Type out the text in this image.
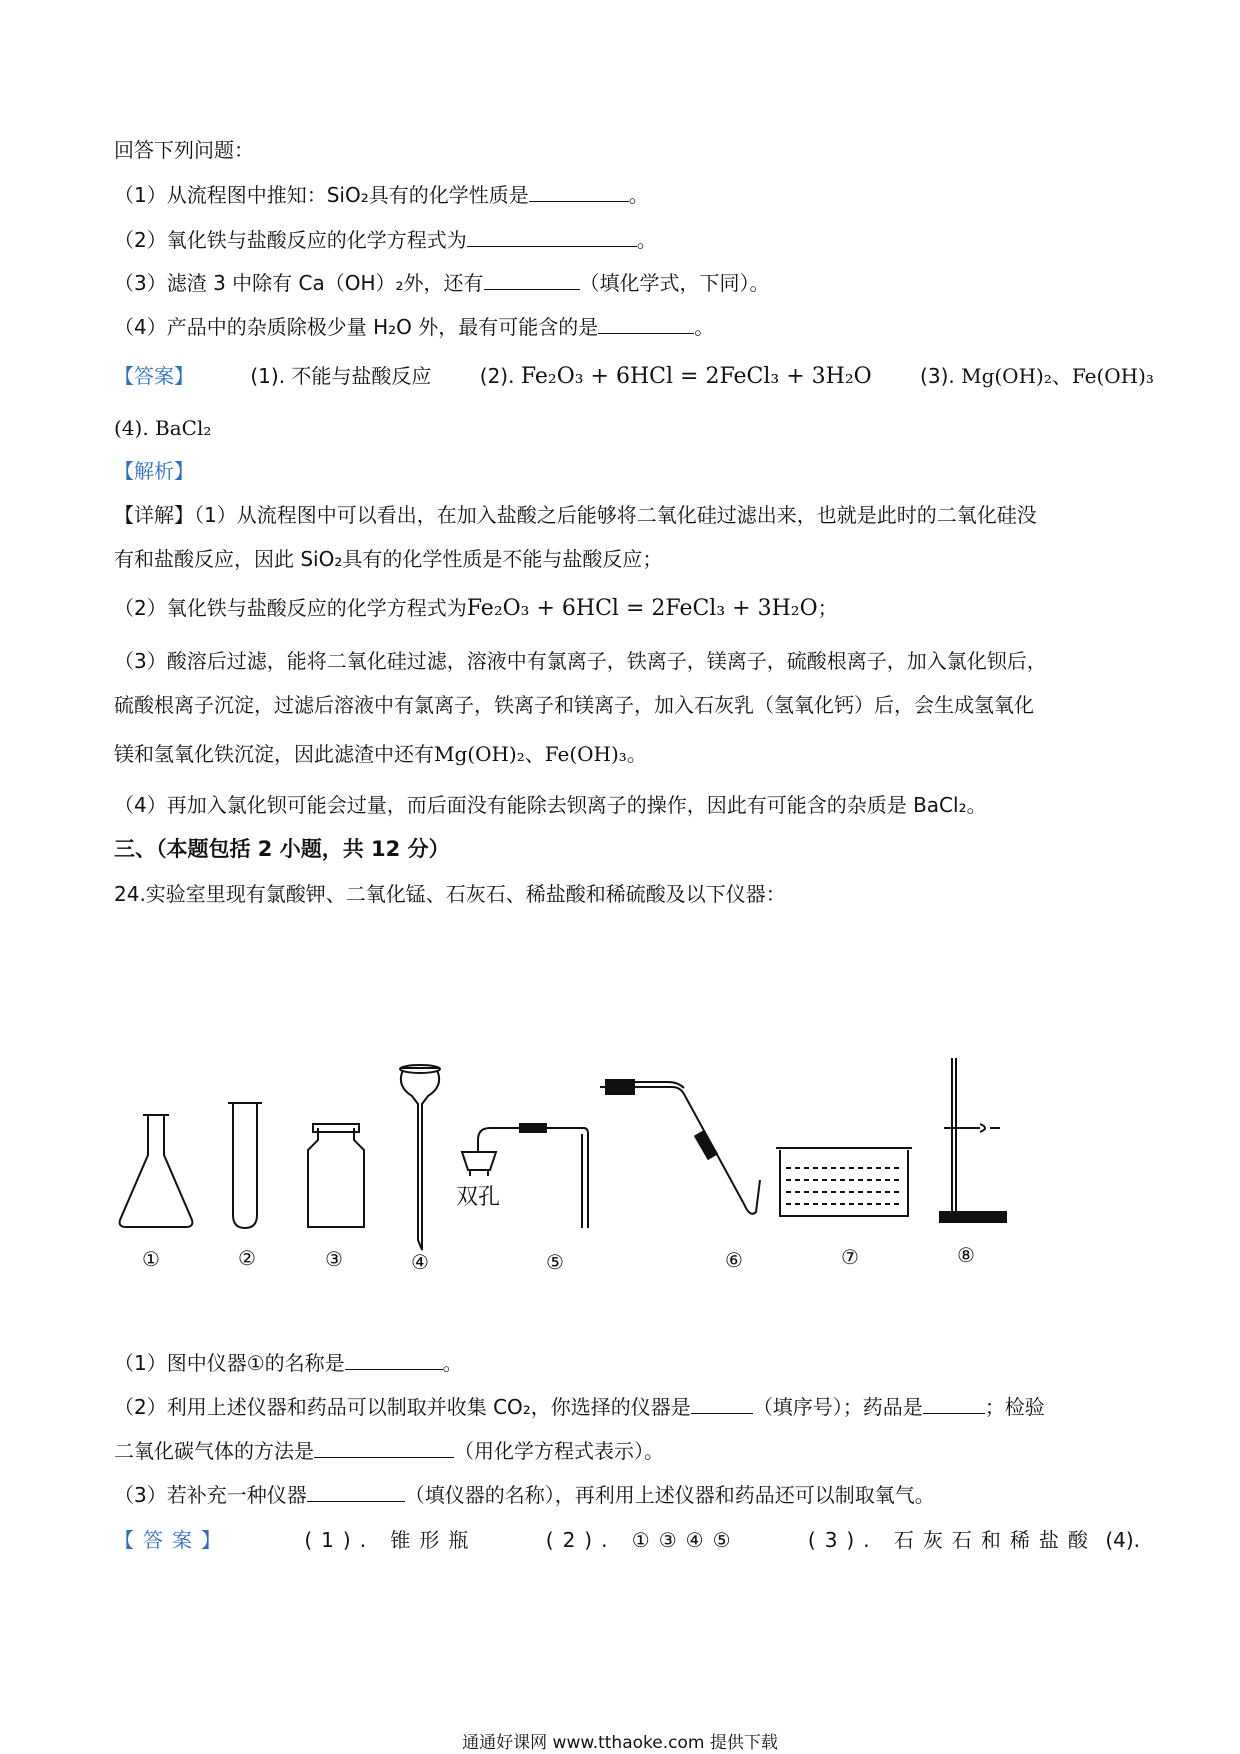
回答下列问题：
（1）从流程图中推知：SiO₂具有的化学性质是	。
（2）氧化铁与盐酸反应的化学方程式为	。
（3）滤渣 3 中除有 Ca（OH）₂外，还有	（填化学式，下同）。
（4）产品中的杂质除极少量 H₂O 外，最有可能含的是	。
【答案】	(1). 不能与盐酸反应 (2). Fe₂O₃ + 6HCl = 2FeCl₃ + 3H₂O (3). Mg(OH)₂、Fe(OH)₃
(4). BaCl₂
【解析】
【详解】（1）从流程图中可以看出，在加入盐酸之后能够将二氧化硅过滤出来，也就是此时的二氧化硅没
有和盐酸反应，因此 SiO₂具有的化学性质是不能与盐酸反应；
（2）氧化铁与盐酸反应的化学方程式为Fe₂O₃ + 6HCl = 2FeCl₃ + 3H₂O；
（3）酸溶后过滤，能将二氧化硅过滤，溶液中有氯离子，铁离子，镁离子，硫酸根离子，加入氯化钡后，
硫酸根离子沉淀，过滤后溶液中有氯离子，铁离子和镁离子，加入石灰乳（氢氧化钙）后，会生成氢氧化
镁和氢氧化铁沉淀，因此滤渣中还有Mg(OH)₂、Fe(OH)₃。
（4）再加入氯化钡可能会过量，而后面没有能除去钡离子的操作，因此有可能含的杂质是 BaCl₂。
三、（本题包括 2 小题，共 12 分）
24.实验室里现有氯酸钾、二氧化锰、石灰石、稀盐酸和稀硫酸及以下仪器：
双孔
①	②	③	④	⑤	⑥	⑦	⑧
（1）图中仪器①的名称是	。
（2）利用上述仪器和药品可以制取并收集 CO₂，你选择的仪器是	（填序号）；药品是	；检验
二氧化碳气体的方法是	（用化学方程式表示）。
（3）若补充一种仪器	（填仪器的名称），再利用上述仪器和药品还可以制取氧气。
【答案】	(1). 锥形瓶	(2). ①③④⑤	(3). 石灰石和稀盐酸 (4).
通通好课网 www.tthaoke.com 提供下载
